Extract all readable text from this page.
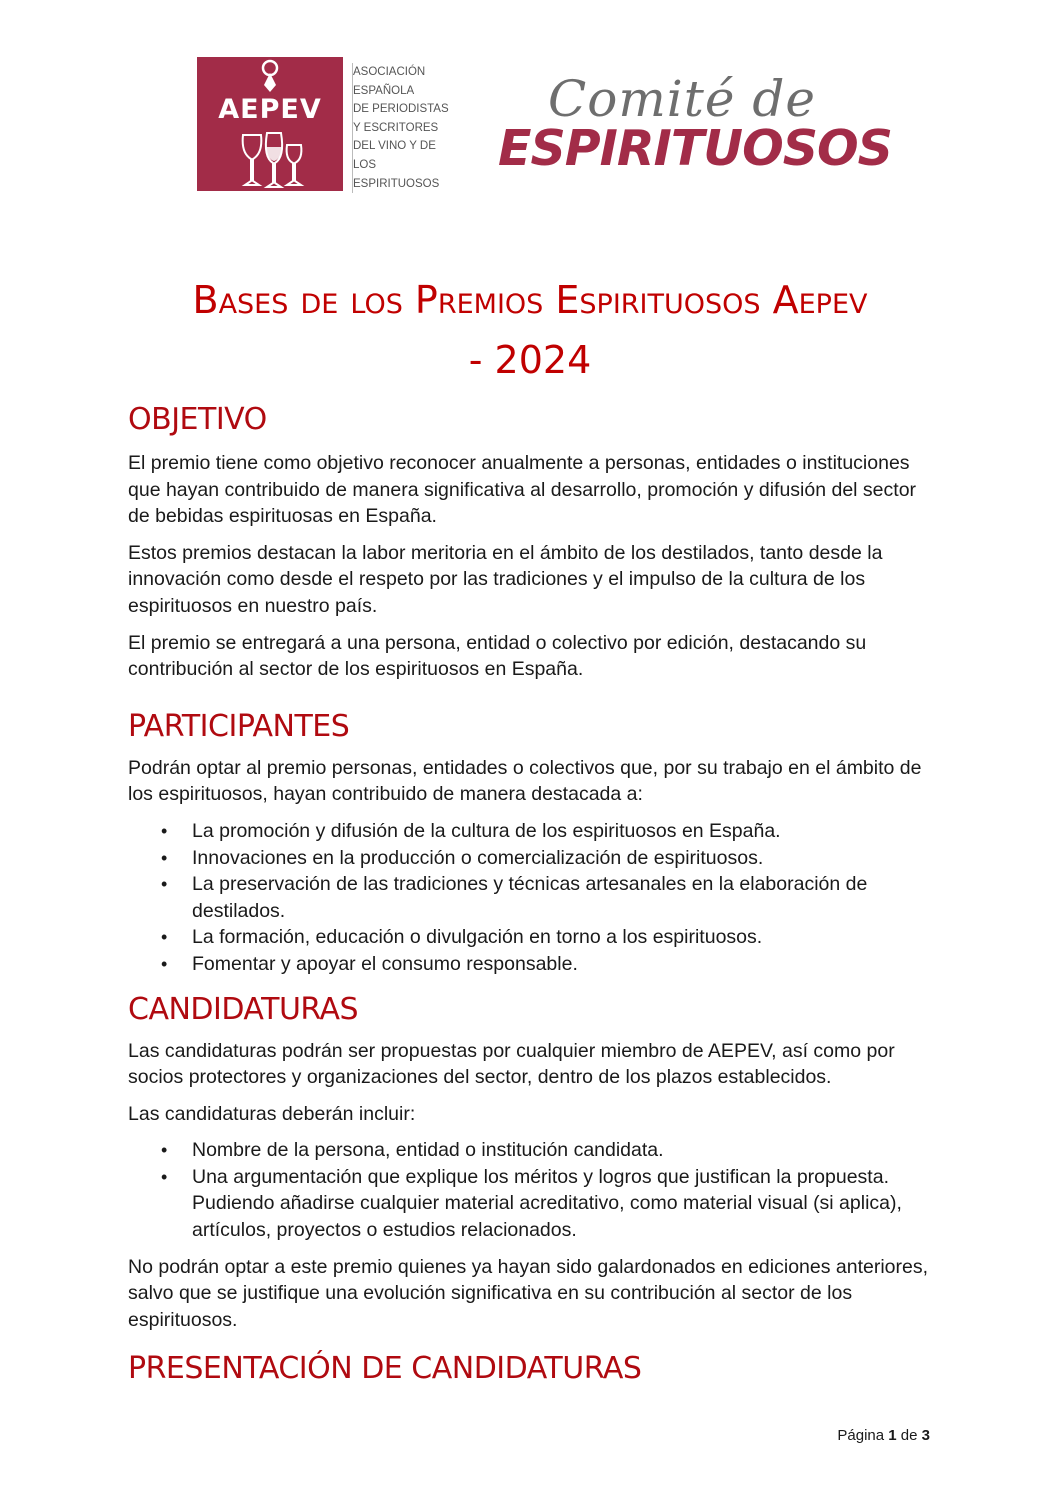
AEPEV
ASOCIACIÓN
ESPAÑOLA
DE PERIODISTAS
Y ESCRITORES
DEL VINO Y DE
LOS ESPIRITUOSOS
Comité de
ESPIRITUOSOS
Bases de los Premios Espirituosos Aepev
- 2024
OBJETIVO

El premio tiene como objetivo reconocer anualmente a personas, entidades o instituciones que hayan contribuido de manera significativa al desarrollo, promoción y difusión del sector de bebidas espirituosas en España.

Estos premios destacan la labor meritoria en el ámbito de los destilados, tanto desde la innovación como desde el respeto por las tradiciones y el impulso de la cultura de los espirituosos en nuestro país.

El premio se entregará a una persona, entidad o colectivo por edición, destacando su contribución al sector de los espirituosos en España.

PARTICIPANTES

Podrán optar al premio personas, entidades o colectivos que, por su trabajo en el ámbito de los espirituosos, hayan contribuido de manera destacada a:

• La promoción y difusión de la cultura de los espirituosos en España.
• Innovaciones en la producción o comercialización de espirituosos.
• La preservación de las tradiciones y técnicas artesanales en la elaboración de destilados.
• La formación, educación o divulgación en torno a los espirituosos.
• Fomentar y apoyar el consumo responsable.
CANDIDATURAS

Las candidaturas podrán ser propuestas por cualquier miembro de AEPEV, así como por socios protectores y organizaciones del sector, dentro de los plazos establecidos.

Las candidaturas deberán incluir:

• Nombre de la persona, entidad o institución candidata.
• Una argumentación que explique los méritos y logros que justifican la propuesta. Pudiendo añadirse cualquier material acreditativo, como material visual (si aplica), artículos, proyectos o estudios relacionados.

No podrán optar a este premio quienes ya hayan sido galardonados en ediciones anteriores, salvo que se justifique una evolución significativa en su contribución al sector de los espirituosos.

PRESENTACIÓN DE CANDIDATURAS
Página 1 de 3
